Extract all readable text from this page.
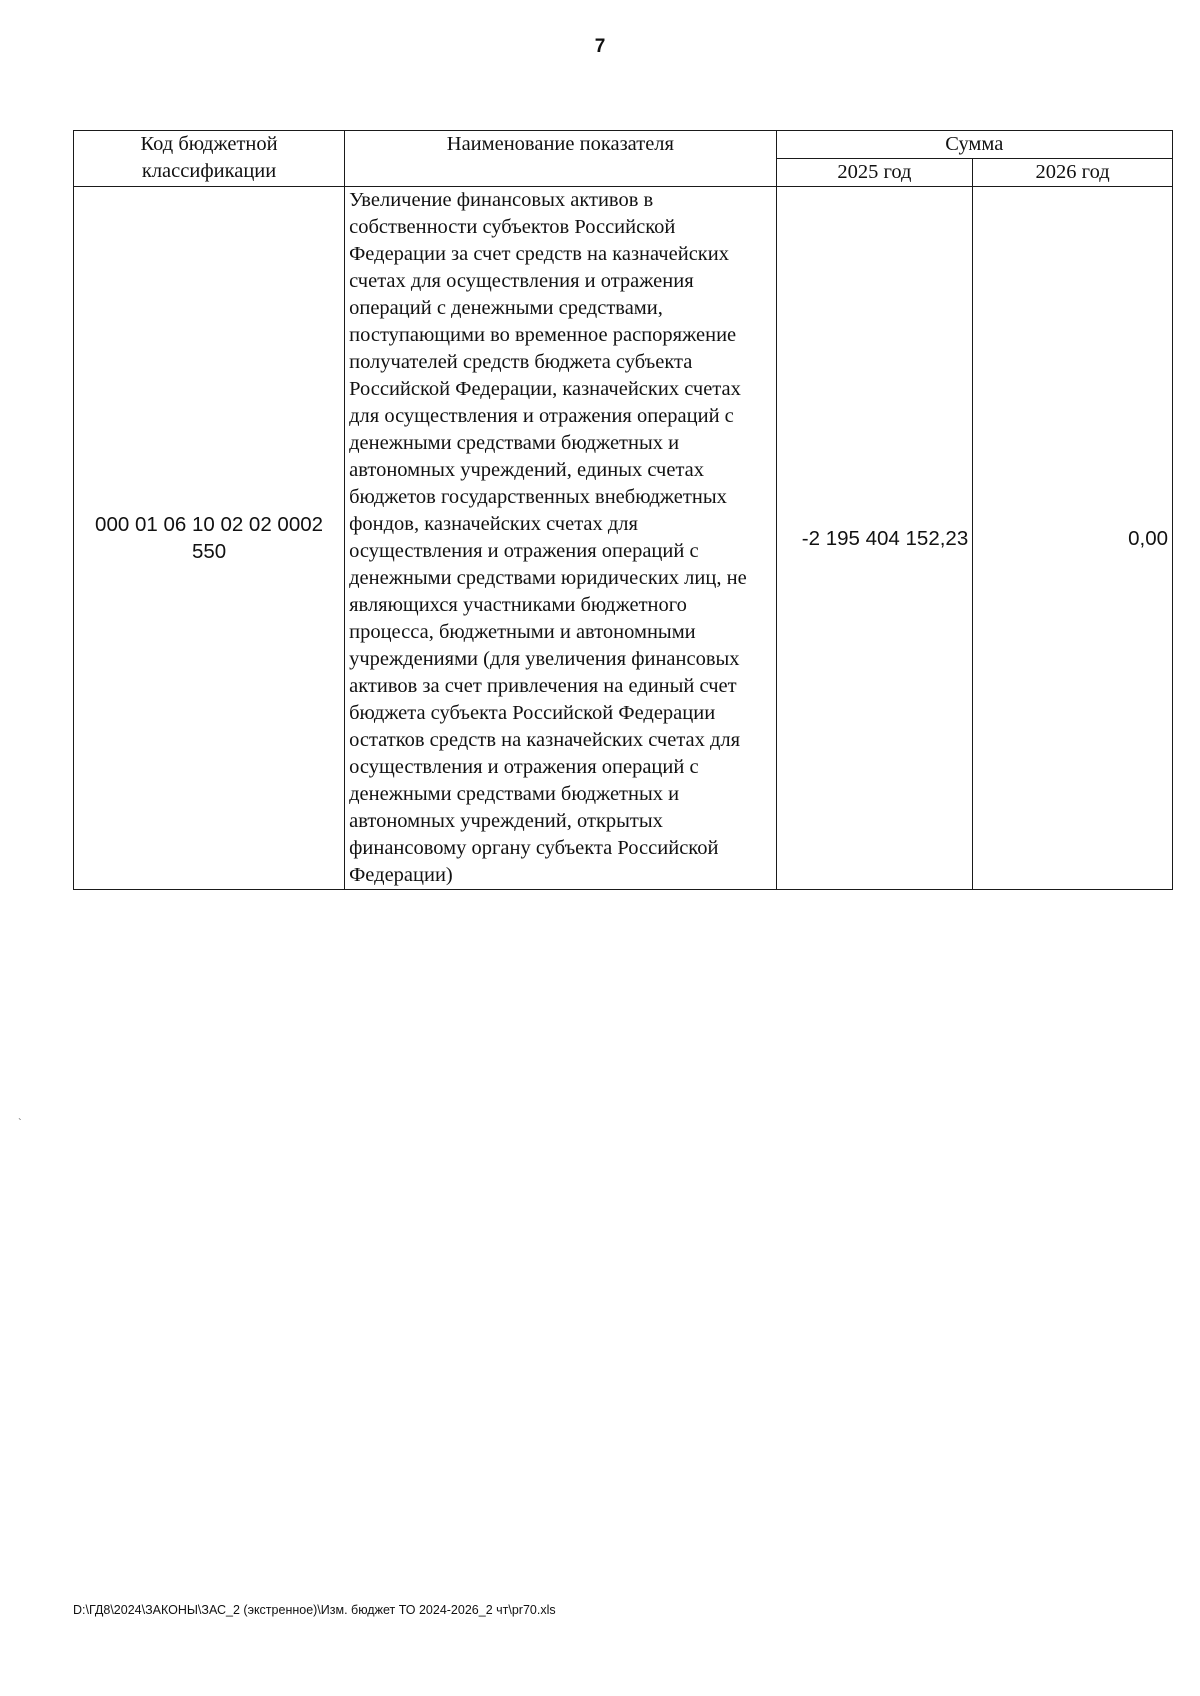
7
Код бюджетной классификации	Наименование показателя	Сумма	
		2025 год	2026 год
000 01 06 10 02 02 0002 550	Увеличение финансовых активов в собственности субъектов Российской Федерации за счет средств на казначейских счетах для осуществления и отражения операций с денежными средствами, поступающими во временное распоряжение получателей средств бюджета субъекта Российской Федерации, казначейских счетах для осуществления и отражения операций с денежными средствами бюджетных и автономных учреждений, единых счетах бюджетов государственных внебюджетных фондов, казначейских счетах для осуществления и отражения операций с денежными средствами юридических лиц, не являющихся участниками бюджетного процесса, бюджетными и автономными учреждениями (для увеличения финансовых активов за счет привлечения на единый счет бюджета субъекта Российской Федерации остатков средств на казначейских счетах для осуществления и отражения операций с денежными средствами бюджетных и автономных учреждений, открытых финансовому органу субъекта Российской Федерации)	-2 195 404 152,23	0,00
`
D:\ГД8\2024\ЗАКОНЫ\ЗАС_2 (экстренное)\Изм. бюджет ТО 2024-2026_2 чт\pr70.xls
